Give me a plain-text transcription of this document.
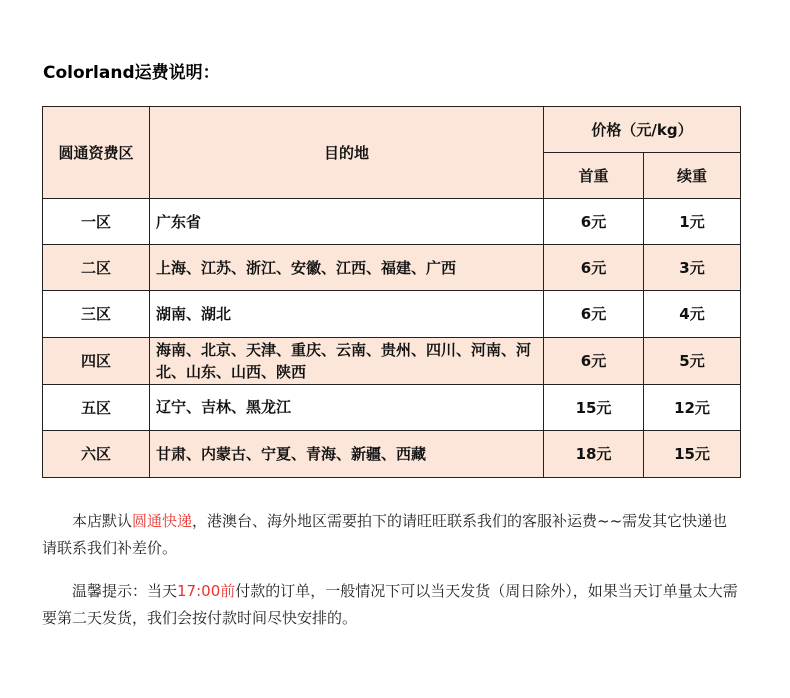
Colorland运费说明：
圆通资费区	目的地	价格（元/kg）	
		首重	续重
一区	广东省	6元	1元
二区	上海、江苏、浙江、安徽、江西、福建、广西	6元	3元
三区	湖南、湖北	6元	4元
四区	海南、北京、天津、重庆、云南、贵州、四川、河南、河北、山东、山西、陕西	6元	5元
五区	辽宁、吉林、黑龙江	15元	12元
六区	甘肃、内蒙古、宁夏、青海、新疆、西藏	18元	15元

本店默认圆通快递，港澳台、海外地区需要拍下的请旺旺联系我们的客服补运费~~需发其它快递也请联系我们补差价。

温馨提示：当天17:00前付款的订单，一般情况下可以当天发货（周日除外），如果当天订单量太大需要第二天发货，我们会按付款时间尽快安排的。
